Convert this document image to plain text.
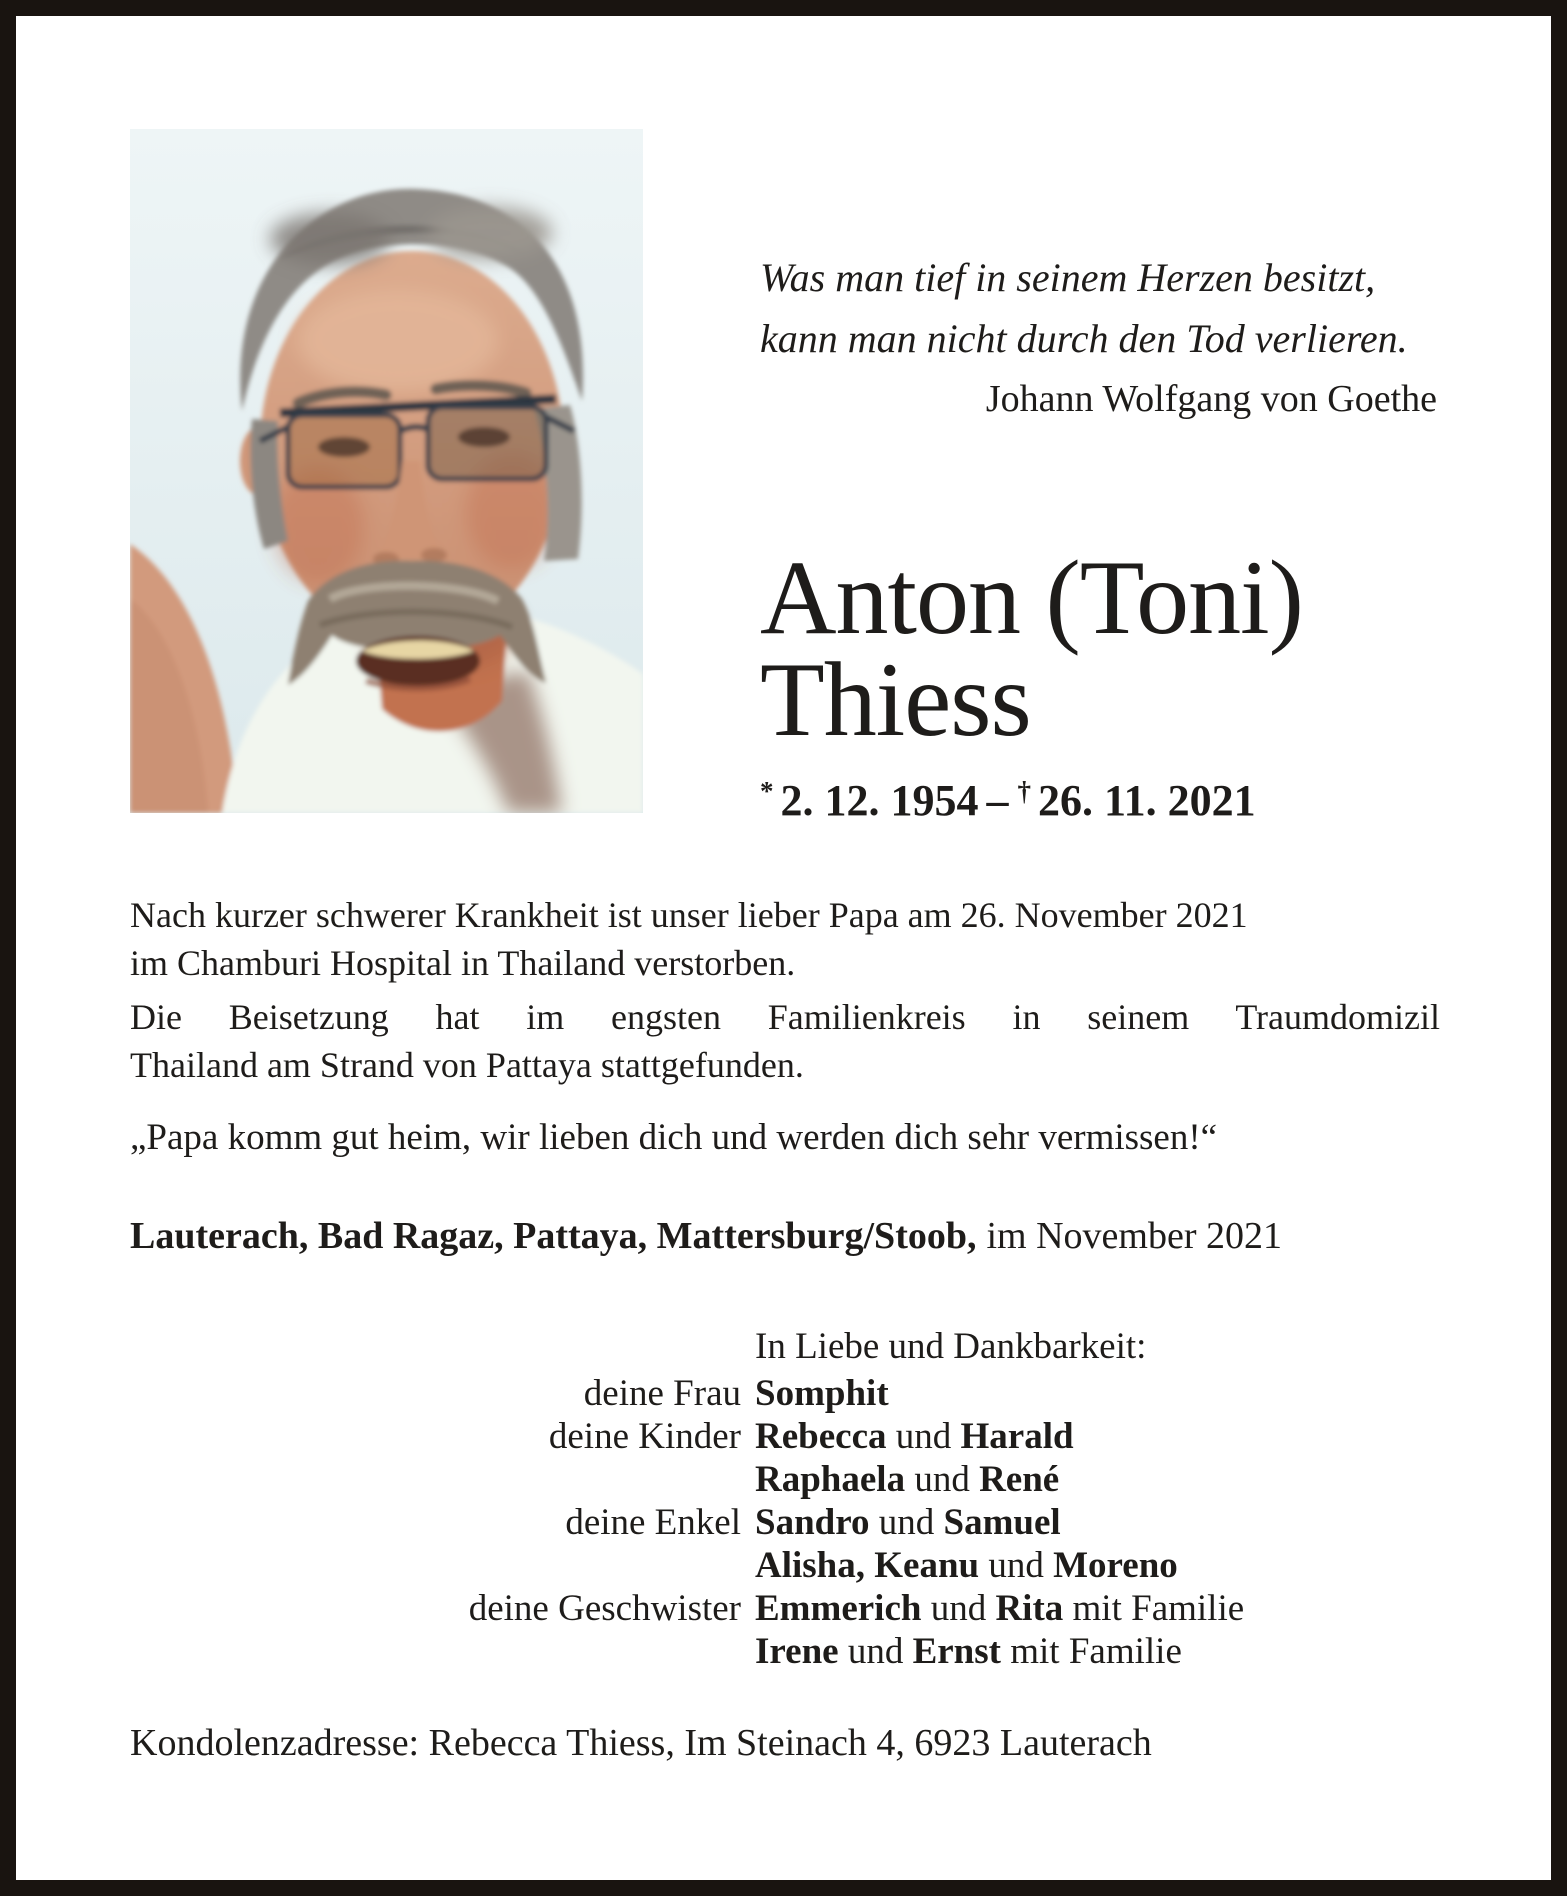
Was man tief in seinem Herzen besitzt,
kann man nicht durch den Tod verlieren.
Johann Wolfgang von Goethe
Anton (Toni)
Thiess
* 2. 12. 1954 – † 26. 11. 2021
Nach kurzer schwerer Krankheit ist unser lieber Papa am 26. November 2021
im Chamburi Hospital in Thailand verstorben.
Die Beisetzung hat im engsten Familienkreis in seinem Traumdomizil
Thailand am Strand von Pattaya stattgefunden.
„Papa komm gut heim, wir lieben dich und werden dich sehr vermissen!“
Lauterach, Bad Ragaz, Pattaya, Mattersburg/Stoob, im November 2021
In Liebe und Dankbarkeit:
deine Frau Somphit
deine Kinder Rebecca und Harald
Raphaela und René
deine Enkel Sandro und Samuel
Alisha, Keanu und Moreno
deine Geschwister Emmerich und Rita mit Familie
Irene und Ernst mit Familie
Kondolenzadresse: Rebecca Thiess, Im Steinach 4, 6923 Lauterach
